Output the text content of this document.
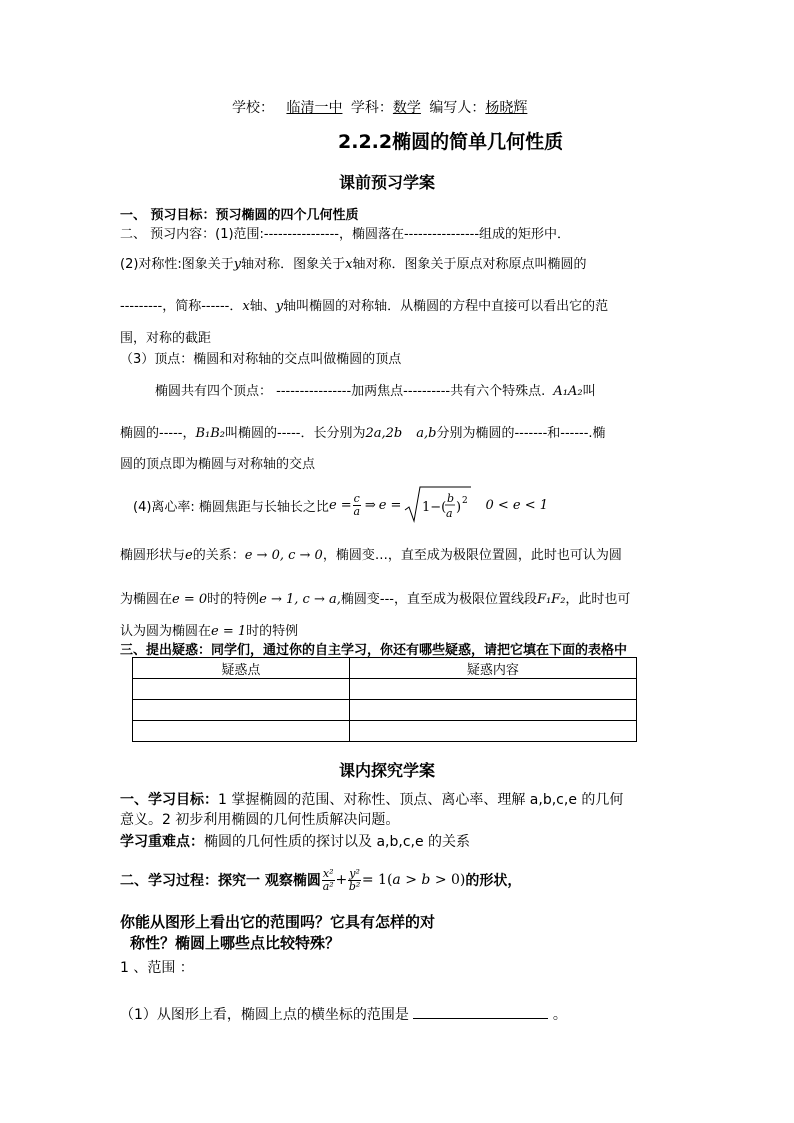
学校： 临清一中 学科：数学 编写人：杨晓辉
2.2.2椭圆的简单几何性质
课前预习学案
一、 预习目标：预习椭圆的四个几何性质
二、 预习内容：(1)范围:----------------，椭圆落在----------------组成的矩形中．
(2)对称性:图象关于y轴对称．图象关于x轴对称．图象关于原点对称原点叫椭圆的
---------，简称------．x轴、y轴叫椭圆的对称轴．从椭圆的方程中直接可以看出它的范
围，对称的截距
（3）顶点：椭圆和对称轴的交点叫做椭圆的顶点
椭圆共有四个顶点： ----------------加两焦点----------共有六个特殊点. A₁A₂叫
椭圆的-----，B₁B₂叫椭圆的-----．长分别为2a,2b a,b分别为椭圆的-------和------.椭
圆的顶点即为椭圆与对称轴的交点
(4)离心率: 椭圆焦距与长轴长之比 $e = \frac{c}{a}$ ⇒ e = 1−(
b
a ) 2 0 < e < 1
椭圆形状与e的关系：e → 0, c → 0，椭圆变…，直至成为极限位置圆，此时也可认为圆
为椭圆在e = 0时的特例e → 1, c → a,椭圆变---，直至成为极限位置线段F₁F₂，此时也可
认为圆为椭圆在e = 1时的特例
三、提出疑惑：同学们，通过你的自主学习，你还有哪些疑惑，请把它填在下面的表格中
疑惑点	疑惑内容

课内探究学案
一、学习目标：1 掌握椭圆的范围、对称性、顶点、离心率、理解 a,b,c,e 的几何
意义。2 初步利用椭圆的几何性质解决问题。
学习重难点：椭圆的几何性质的探讨以及 a,b,c,e 的关系
二、学习过程：探究一 观察椭圆 $\frac{\text{x²}}{\text{a²}} + \frac{\text{y²}}{\text{b²}} = 1(a > b > 0)$ 的形状，
你能从图形上看出它的范围吗？它具有怎样的对
称性？椭圆上哪些点比较特殊？
1 、范围 ：
（1）从图形上看，椭圆上点的横坐标的范围是	。
